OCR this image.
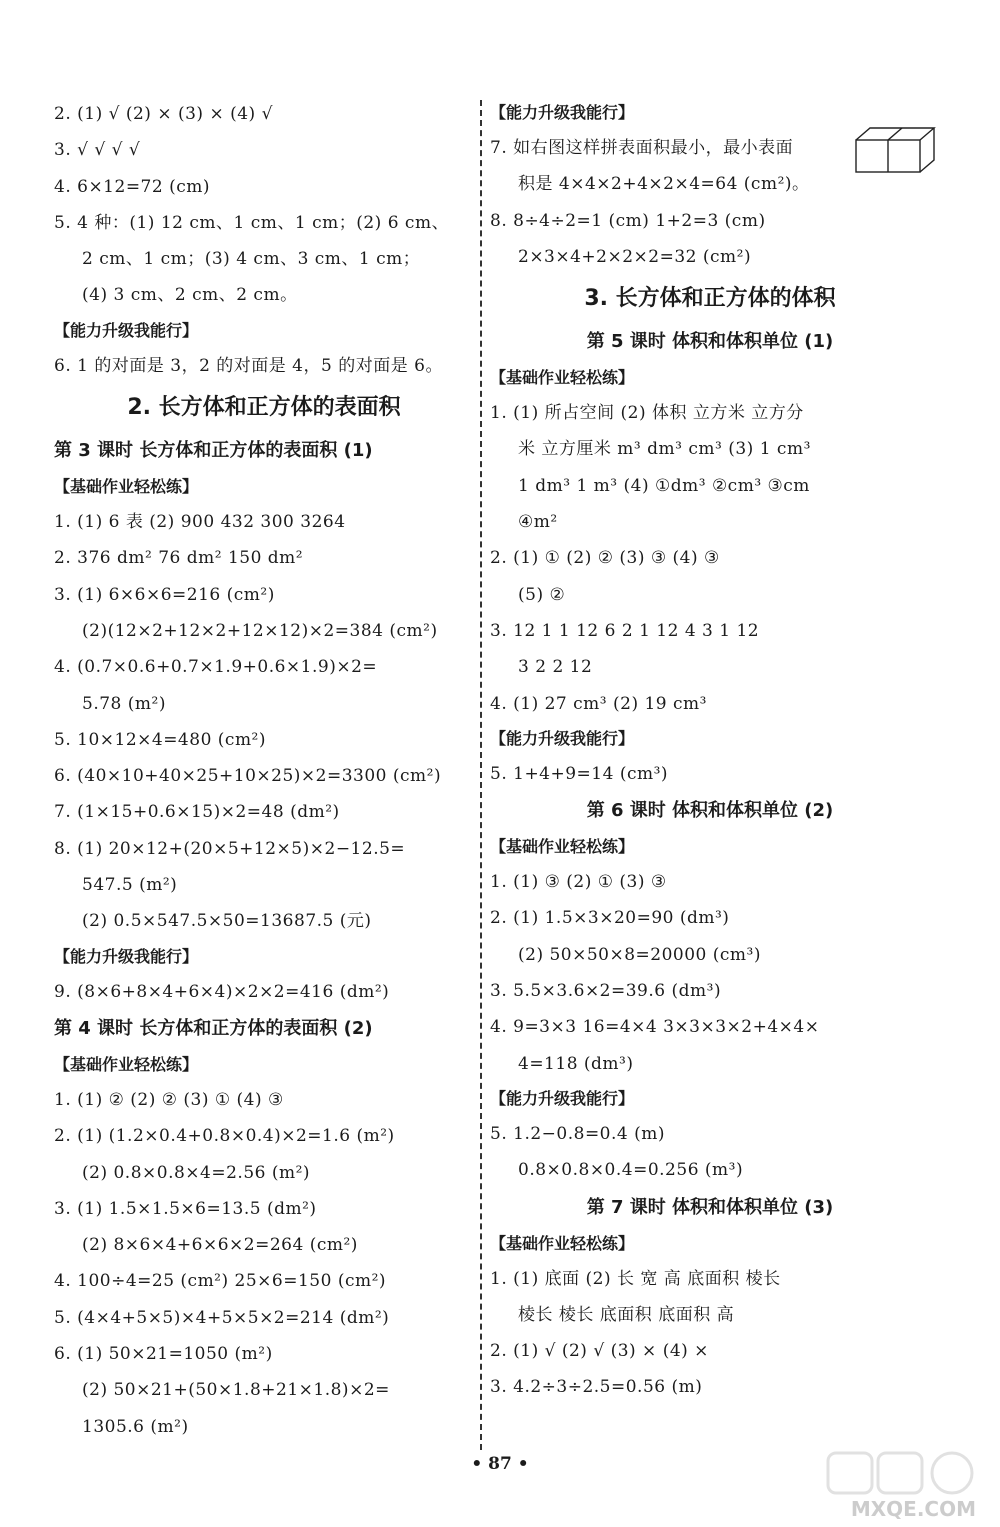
2. (1) √ (2) × (3) × (4) √
3. √ √ √ √
4. 6×12=72 (cm)
5. 4 种：(1) 12 cm、1 cm、1 cm；(2) 6 cm、
2 cm、1 cm；(3) 4 cm、3 cm、1 cm；
(4) 3 cm、2 cm、2 cm。
【能力升级我能行】
6. 1 的对面是 3，2 的对面是 4，5 的对面是 6。
2. 长方体和正方体的表面积
第 3 课时 长方体和正方体的表面积 (1)
【基础作业轻松练】
1. (1) 6 表 (2) 900 432 300 3264
2. 376 dm² 76 dm² 150 dm²
3. (1) 6×6×6=216 (cm²)
(2)(12×2+12×2+12×12)×2=384 (cm²)
4. (0.7×0.6+0.7×1.9+0.6×1.9)×2=
5.78 (m²)
5. 10×12×4=480 (cm²)
6. (40×10+40×25+10×25)×2=3300 (cm²)
7. (1×15+0.6×15)×2=48 (dm²)
8. (1) 20×12+(20×5+12×5)×2−12.5=
547.5 (m²)
(2) 0.5×547.5×50=13687.5 (元)
【能力升级我能行】
9. (8×6+8×4+6×4)×2×2=416 (dm²)
第 4 课时 长方体和正方体的表面积 (2)
【基础作业轻松练】
1. (1) ② (2) ② (3) ① (4) ③
2. (1) (1.2×0.4+0.8×0.4)×2=1.6 (m²)
(2) 0.8×0.8×4=2.56 (m²)
3. (1) 1.5×1.5×6=13.5 (dm²)
(2) 8×6×4+6×6×2=264 (cm²)
4. 100÷4=25 (cm²) 25×6=150 (cm²)
5. (4×4+5×5)×4+5×5×2=214 (dm²)
6. (1) 50×21=1050 (m²)
(2) 50×21+(50×1.8+21×1.8)×2=
1305.6 (m²)
【能力升级我能行】
7. 如右图这样拼表面积最小，最小表面
积是 4×4×2+4×2×4=64 (cm²)。
8. 8÷4÷2=1 (cm) 1+2=3 (cm)
2×3×4+2×2×2=32 (cm²)
3. 长方体和正方体的体积
第 5 课时 体积和体积单位 (1)
【基础作业轻松练】
1. (1) 所占空间 (2) 体积 立方米 立方分
米 立方厘米 m³ dm³ cm³ (3) 1 cm³
1 dm³ 1 m³ (4) ①dm³ ②cm³ ③cm
④m²
2. (1) ① (2) ② (3) ③ (4) ③
(5) ②
3. 12 1 1 12 6 2 1 12 4 3 1 12
3 2 2 12
4. (1) 27 cm³ (2) 19 cm³
【能力升级我能行】
5. 1+4+9=14 (cm³)
第 6 课时 体积和体积单位 (2)
【基础作业轻松练】
1. (1) ③ (2) ① (3) ③
2. (1) 1.5×3×20=90 (dm³)
(2) 50×50×8=20000 (cm³)
3. 5.5×3.6×2=39.6 (dm³)
4. 9=3×3 16=4×4 3×3×3×2+4×4×
4=118 (dm³)
【能力升级我能行】
5. 1.2−0.8=0.4 (m)
0.8×0.8×0.4=0.256 (m³)
第 7 课时 体积和体积单位 (3)
【基础作业轻松练】
1. (1) 底面 (2) 长 宽 高 底面积 棱长
棱长 棱长 底面积 底面积 高
2. (1) √ (2) √ (3) × (4) ×
3. 4.2÷3÷2.5=0.56 (m)
• 87 •
MXQE.COM
